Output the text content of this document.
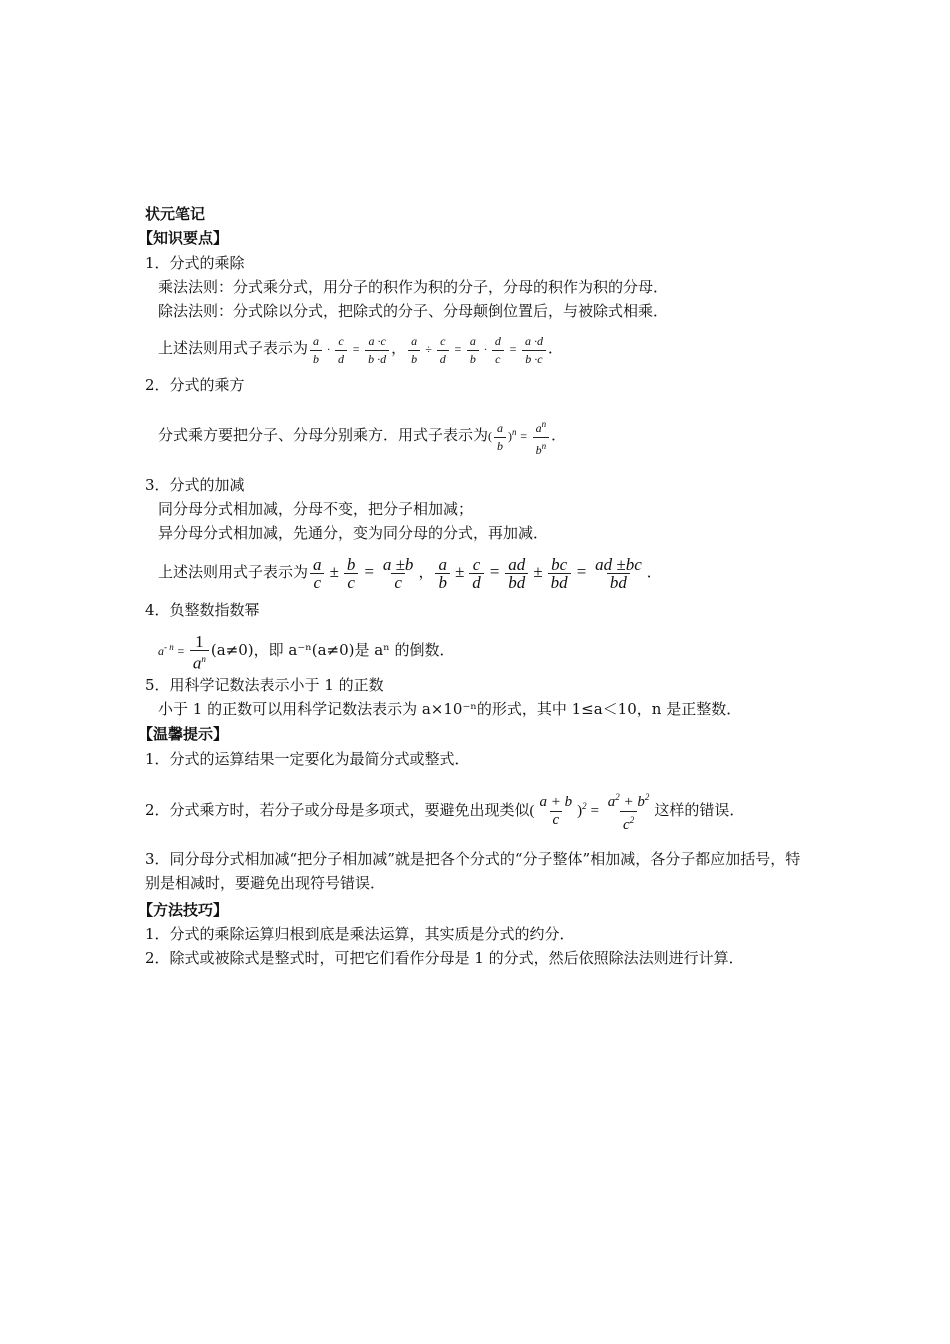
状元笔记
【知识要点】
1．分式的乘除
乘法法则：分式乘分式，用分子的积作为积的分子，分母的积作为积的分母．
除法法则：分式除以分式，把除式的分子、分母颠倒位置后，与被除式相乘．
上述法则用式子表示为 $\frac{a}{b} \cdot \frac{c}{d} = \frac{a \cdot c}{b \cdot d}$ ， $\frac{a}{b} \div \frac{c}{d} = \frac{a}{b} \cdot \frac{d}{c} = \frac{a \cdot d}{b \cdot c}$ ．
2．分式的乘方
分式乘方要把分子、分母分别乘方．用式子表示为( $\frac{a}{b} )^n = \frac{a^n}{b^n}$ ．
3．分式的加减
同分母分式相加减，分母不变，把分子相加减；
异分母分式相加减，先通分，变为同分母的分式，再加减．
上述法则用式子表示为 $\frac{a}{c} \pm \frac{b}{c} = \frac{a \pm b}{c}$ ， $\frac{a}{b} \pm \frac{c}{d} = \frac{ad}{bd} \pm \frac{bc}{bd} = \frac{ad \pm bc}{bd}$ ．
4．负整数指数幂
$a^{- n} = \frac{1}{a^n} (a\ne 0)$，即 a⁻ⁿ(a≠0)是 aⁿ 的倒数．
5．用科学记数法表示小于 1 的正数
小于 1 的正数可以用科学记数法表示为 a×10⁻ⁿ的形式，其中 1≤a＜10，n 是正整数．
【温馨提示】
1．分式的运算结果一定要化为最简分式或整式．
2．分式乘方时，若分子或分母是多项式，要避免出现类似( $\frac{a + b}{c} )^2 = \frac{a^2 + b^2}{c^2}$ 这样的错误．
3．同分母分式相加减“把分子相加减”就是把各个分式的“分子整体”相加减，各分子都应加括号，特别是相减时，要避免出现符号错误．
【方法技巧】
1．分式的乘除运算归根到底是乘法运算，其实质是分式的约分．
2．除式或被除式是整式时，可把它们看作分母是 1 的分式，然后依照除法法则进行计算．
